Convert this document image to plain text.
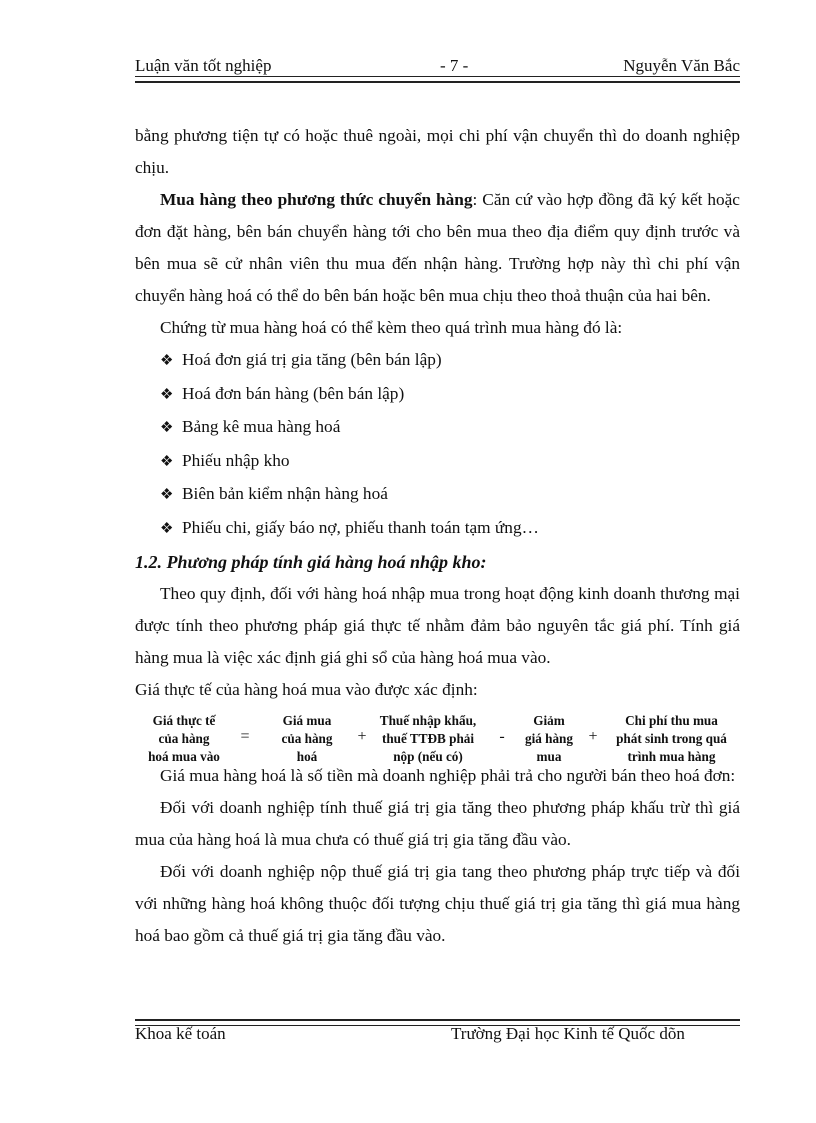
Luận văn tốt nghiệp	- 7 -	Nguyễn Văn Bắc

bằng phương tiện tự có hoặc thuê ngoài, mọi chi phí vận chuyển thì do doanh nghiệp chịu.

Mua hàng theo phương thức chuyển hàng: Căn cứ vào hợp đồng đã ký kết hoặc đơn đặt hàng, bên bán chuyển hàng tới cho bên mua theo địa điểm quy định trước và bên mua sẽ cử nhân viên thu mua đến nhận hàng. Trường hợp này thì chi phí vận chuyển hàng hoá có thể do bên bán hoặc bên mua chịu theo thoả thuận của hai bên.

Chứng từ mua hàng hoá có thể kèm theo quá trình mua hàng đó là:

❖ Hoá đơn giá trị gia tăng (bên bán lập)
❖ Hoá đơn bán hàng (bên bán lập)
❖ Bảng kê mua hàng hoá
❖ Phiếu nhập kho
❖ Biên bản kiểm nhận hàng hoá
❖ Phiếu chi, giấy báo nợ, phiếu thanh toán tạm ứng…
1.2. Phương pháp tính giá hàng hoá nhập kho:

Theo quy định, đối với hàng hoá nhập mua trong hoạt động kinh doanh thương mại được tính theo phương pháp giá thực tế nhằm đảm bảo nguyên tắc giá phí. Tính giá hàng mua là việc xác định giá ghi sổ của hàng hoá mua vào.

Giá thực tế của hàng hoá mua vào được xác định:

Giá thực tế
của hàng
hoá mua vào
=
Giá mua
của hàng
hoá
+
Thuế nhập khẩu,
thuế TTĐB phải
nộp (nếu có)
-
Giảm
giá hàng
mua
+
Chi phí thu mua
phát sinh trong quá
trình mua hàng

Giá mua hàng hoá là số tiền mà doanh nghiệp phải trả cho người bán theo hoá đơn:

Đối với doanh nghiệp tính thuế giá trị gia tăng theo phương pháp khấu trừ thì giá mua của hàng hoá là mua chưa có thuế giá trị gia tăng đầu vào.

Đối với doanh nghiệp nộp thuế giá trị gia tang theo phương pháp trực tiếp và đối với những hàng hoá không thuộc đối tượng chịu thuế giá trị gia tăng thì giá mua hàng hoá bao gồm cả thuế giá trị gia tăng đầu vào.

Khoa kế toán	Trường Đại học Kinh tế Quốc dõn
